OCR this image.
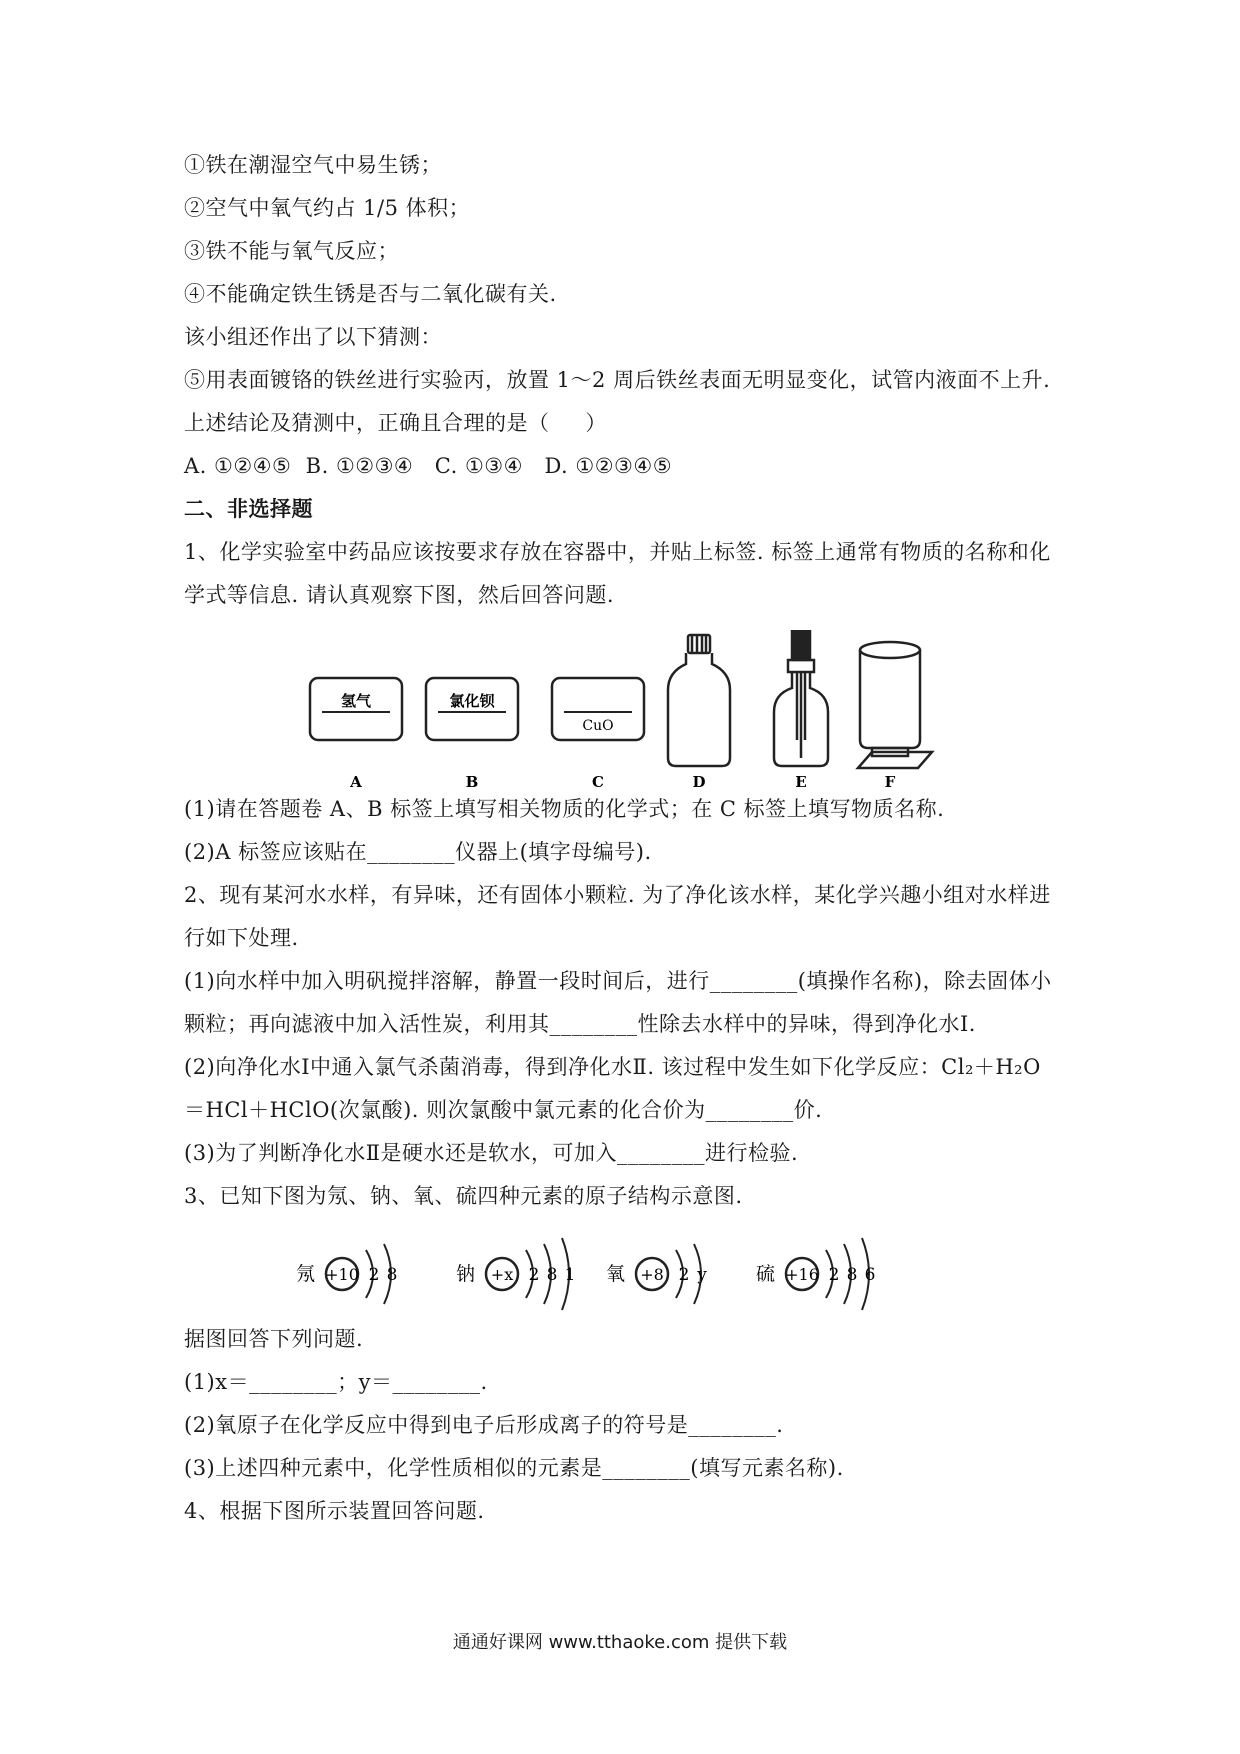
①铁在潮湿空气中易生锈；
②空气中氧气约占 1/5 体积；
③铁不能与氧气反应；
④不能确定铁生锈是否与二氧化碳有关.
该小组还作出了以下猜测：
⑤用表面镀铬的铁丝进行实验丙，放置 1～2 周后铁丝表面无明显变化，试管内液面不上升.
上述结论及猜测中，正确且合理的是（     ）
A. ①②④⑤  B. ①②③④   C. ①③④   D. ①②③④⑤
二、非选择题
1、化学实验室中药品应该按要求存放在容器中，并贴上标签. 标签上通常有物质的名称和化
学式等信息. 请认真观察下图，然后回答问题.
氢气	氯化钡
CuO
A	B	C	D	E	F
(1)请在答题卷 A、B 标签上填写相关物质的化学式；在 C 标签上填写物质名称.
(2)A 标签应该贴在________仪器上(填字母编号).
2、现有某河水水样，有异味，还有固体小颗粒. 为了净化该水样，某化学兴趣小组对水样进
行如下处理.
(1)向水样中加入明矾搅拌溶解，静置一段时间后，进行________(填操作名称)，除去固体小
颗粒；再向滤液中加入活性炭，利用其________性除去水样中的异味，得到净化水Ⅰ.
(2)向净化水Ⅰ中通入氯气杀菌消毒，得到净化水Ⅱ. 该过程中发生如下化学反应：Cl₂＋H₂O
＝HCl＋HClO(次氯酸). 则次氯酸中氯元素的化合价为________价.
(3)为了判断净化水Ⅱ是硬水还是软水，可加入________进行检验.
3、已知下图为氖、钠、氧、硫四种元素的原子结构示意图.
氖 +10 2 8	钠 +x 2 8 1 氧 +8 2 y	硫 +16 2 8 6
据图回答下列问题.
(1)x＝________；y＝________.
(2)氧原子在化学反应中得到电子后形成离子的符号是________.
(3)上述四种元素中，化学性质相似的元素是________(填写元素名称).
4、根据下图所示装置回答问题.
通通好课网 www.tthaoke.com 提供下载
